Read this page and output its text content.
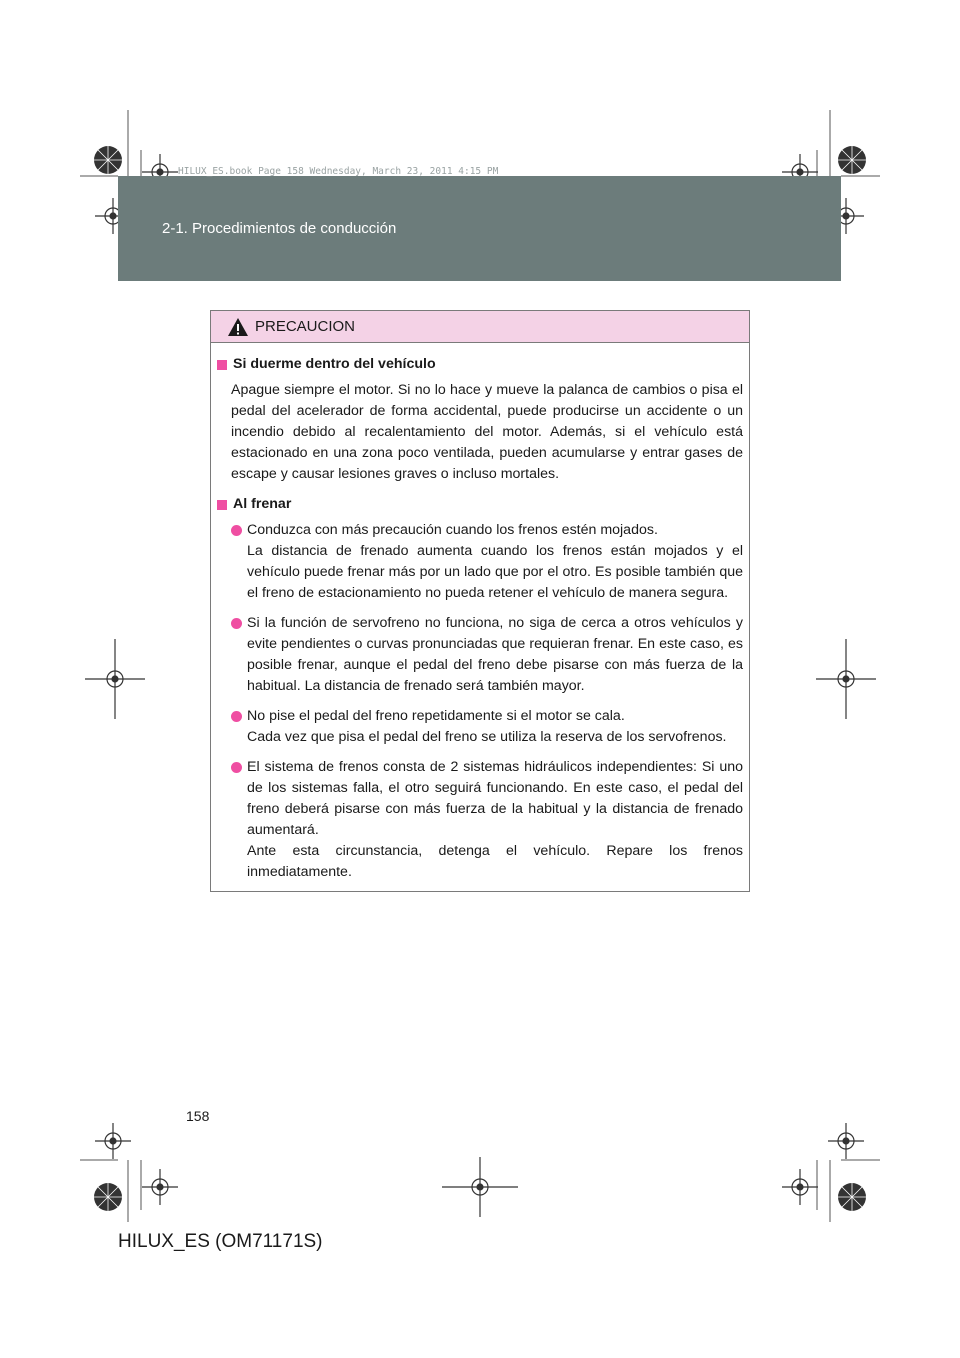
2-1. Procedimientos de conducción
HILUX_ES.book Page 158 Wednesday, March 23, 2011 4:15 PM
PRECAUCION
Si duerme dentro del vehículo
Apague siempre el motor. Si no lo hace y mueve la palanca de cambios o pisa el pedal del acelerador de forma accidental, puede producirse un accidente o un incendio debido al recalentamiento del motor. Además, si el vehículo está estacionado en una zona poco ventilada, pueden acumularse y entrar gases de escape y causar lesiones graves o incluso mortales.
Al frenar
Conduzca con más precaución cuando los frenos estén mojados.
La distancia de frenado aumenta cuando los frenos están mojados y el vehículo puede frenar más por un lado que por el otro. Es posible también que el freno de estacionamiento no pueda retener el vehículo de manera segura.
Si la función de servofreno no funciona, no siga de cerca a otros vehículos y evite pendientes o curvas pronunciadas que requieran frenar. En este caso, es posible frenar, aunque el pedal del freno debe pisarse con más fuerza de la habitual. La distancia de frenado será también mayor.
No pise el pedal del freno repetidamente si el motor se cala.
Cada vez que pisa el pedal del freno se utiliza la reserva de los servofrenos.
El sistema de frenos consta de 2 sistemas hidráulicos independientes: Si uno de los sistemas falla, el otro seguirá funcionando. En este caso, el pedal del freno deberá pisarse con más fuerza de la habitual y la distancia de frenado aumentará.
Ante esta circunstancia, detenga el vehículo. Repare los frenos inmediatamente.
158
HILUX_ES (OM71171S)
